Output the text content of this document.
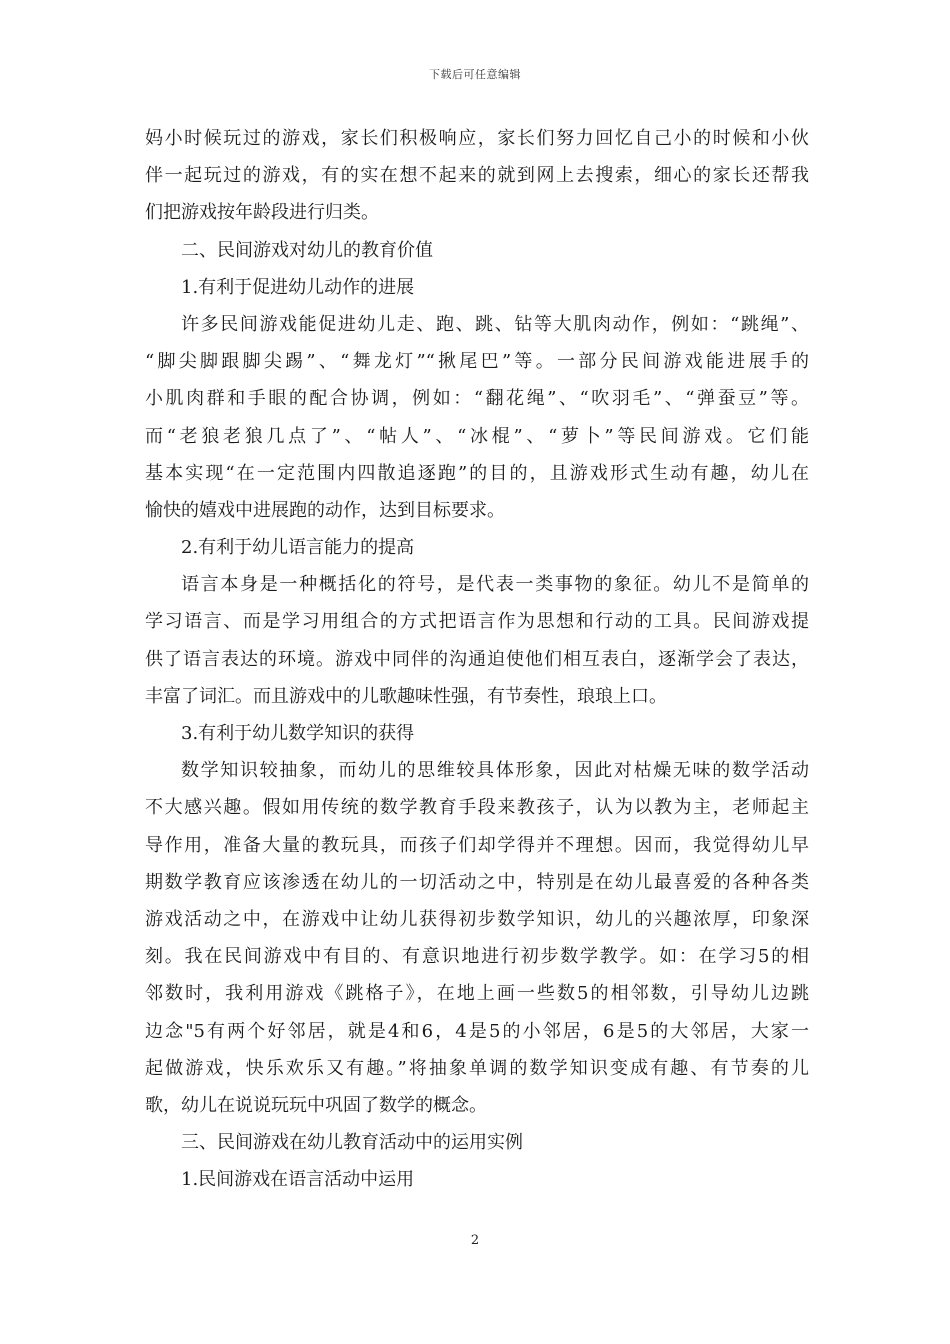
下载后可任意编辑
妈小时候玩过的游戏，家长们积极响应，家长们努力回忆自己小的时候和小伙
伴一起玩过的游戏，有的实在想不起来的就到网上去搜索，细心的家长还帮我
们把游戏按年龄段进行归类。
二、民间游戏对幼儿的教育价值
1.有利于促进幼儿动作的进展
许多民间游戏能促进幼儿走、跑、跳、钻等大肌肉动作，例如：“跳绳”、
“脚尖脚跟脚尖踢”、“舞龙灯”“揪尾巴”等。一部分民间游戏能进展手的
小肌肉群和手眼的配合协调，例如：“翻花绳”、“吹羽毛”、“弹蚕豆”等。
而“老狼老狼几点了”、“帖人”、“冰棍”、“萝卜”等民间游戏。它们能
基本实现“在一定范围内四散追逐跑”的目的，且游戏形式生动有趣，幼儿在
愉快的嬉戏中进展跑的动作，达到目标要求。
2.有利于幼儿语言能力的提高
语言本身是一种概括化的符号，是代表一类事物的象征。幼儿不是简单的
学习语言、而是学习用组合的方式把语言作为思想和行动的工具。民间游戏提
供了语言表达的环境。游戏中同伴的沟通迫使他们相互表白，逐渐学会了表达，
丰富了词汇。而且游戏中的儿歌趣味性强，有节奏性，琅琅上口。
3.有利于幼儿数学知识的获得
数学知识较抽象，而幼儿的思维较具体形象，因此对枯燥无味的数学活动
不大感兴趣。假如用传统的数学教育手段来教孩子，认为以教为主，老师起主
导作用，准备大量的教玩具，而孩子们却学得并不理想。因而，我觉得幼儿早
期数学教育应该渗透在幼儿的一切活动之中，特别是在幼儿最喜爱的各种各类
游戏活动之中，在游戏中让幼儿获得初步数学知识，幼儿的兴趣浓厚，印象深
刻。我在民间游戏中有目的、有意识地进行初步数学教学。如：在学习5的相
邻数时，我利用游戏《跳格子》，在地上画一些数5的相邻数，引导幼儿边跳
边念"5有两个好邻居，就是4和6，4是5的小邻居，6是5的大邻居，大家一
起做游戏，快乐欢乐又有趣。”将抽象单调的数学知识变成有趣、有节奏的儿
歌，幼儿在说说玩玩中巩固了数学的概念。
三、民间游戏在幼儿教育活动中的运用实例
1.民间游戏在语言活动中运用
2
